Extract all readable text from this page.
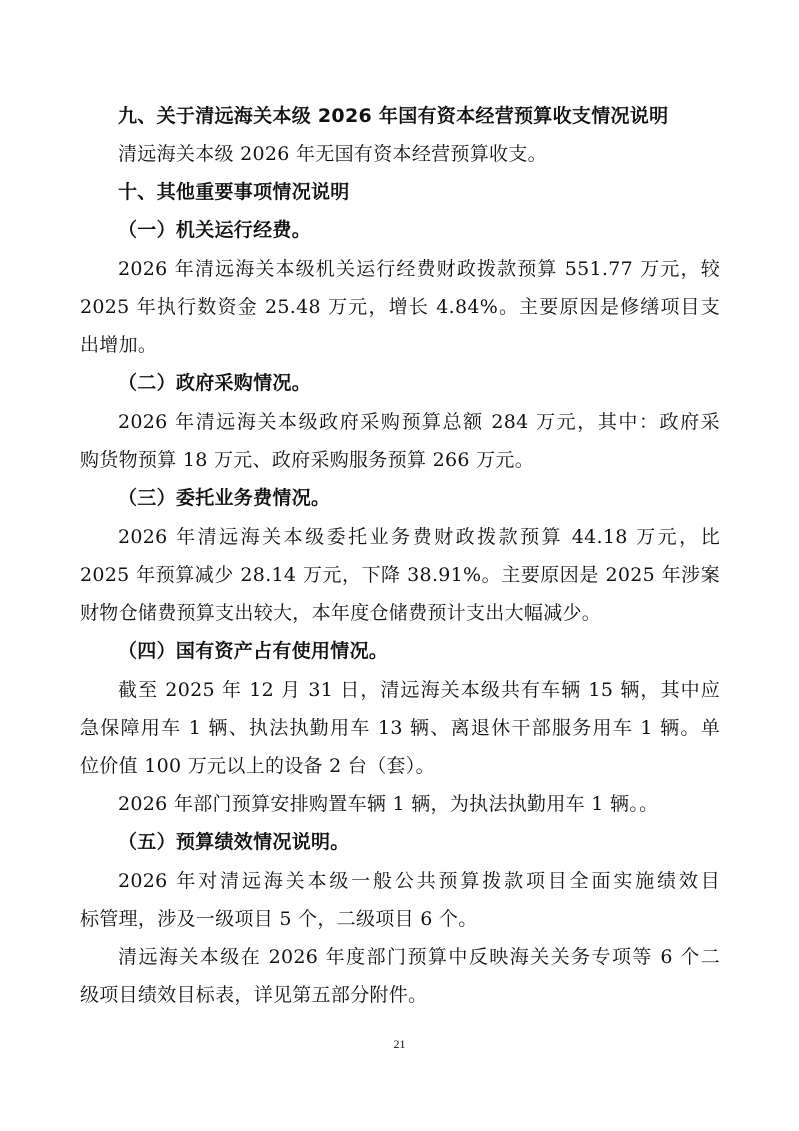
九、关于清远海关本级 2026 年国有资本经营预算收支情况说明
清远海关本级 2026 年无国有资本经营预算收支。
十、其他重要事项情况说明
（一）机关运行经费。
2026 年清远海关本级机关运行经费财政拨款预算 551.77 万元，较
2025 年执行数资金 25.48 万元，增长 4.84%。主要原因是修缮项目支
出增加。
（二）政府采购情况。
2026 年清远海关本级政府采购预算总额 284 万元，其中：政府采
购货物预算 18 万元、政府采购服务预算 266 万元。
（三）委托业务费情况。
2026 年清远海关本级委托业务费财政拨款预算 44.18 万元，比
2025 年预算减少 28.14 万元，下降 38.91%。主要原因是 2025 年涉案
财物仓储费预算支出较大，本年度仓储费预计支出大幅减少。
（四）国有资产占有使用情况。
截至 2025 年 12 月 31 日，清远海关本级共有车辆 15 辆，其中应
急保障用车 1 辆、执法执勤用车 13 辆、离退休干部服务用车 1 辆。单
位价值 100 万元以上的设备 2 台（套）。
2026 年部门预算安排购置车辆 1 辆，为执法执勤用车 1 辆。。
（五）预算绩效情况说明。
2026 年对清远海关本级一般公共预算拨款项目全面实施绩效目
标管理，涉及一级项目 5 个，二级项目 6 个。
清远海关本级在 2026 年度部门预算中反映海关关务专项等 6 个二
级项目绩效目标表，详见第五部分附件。
21
